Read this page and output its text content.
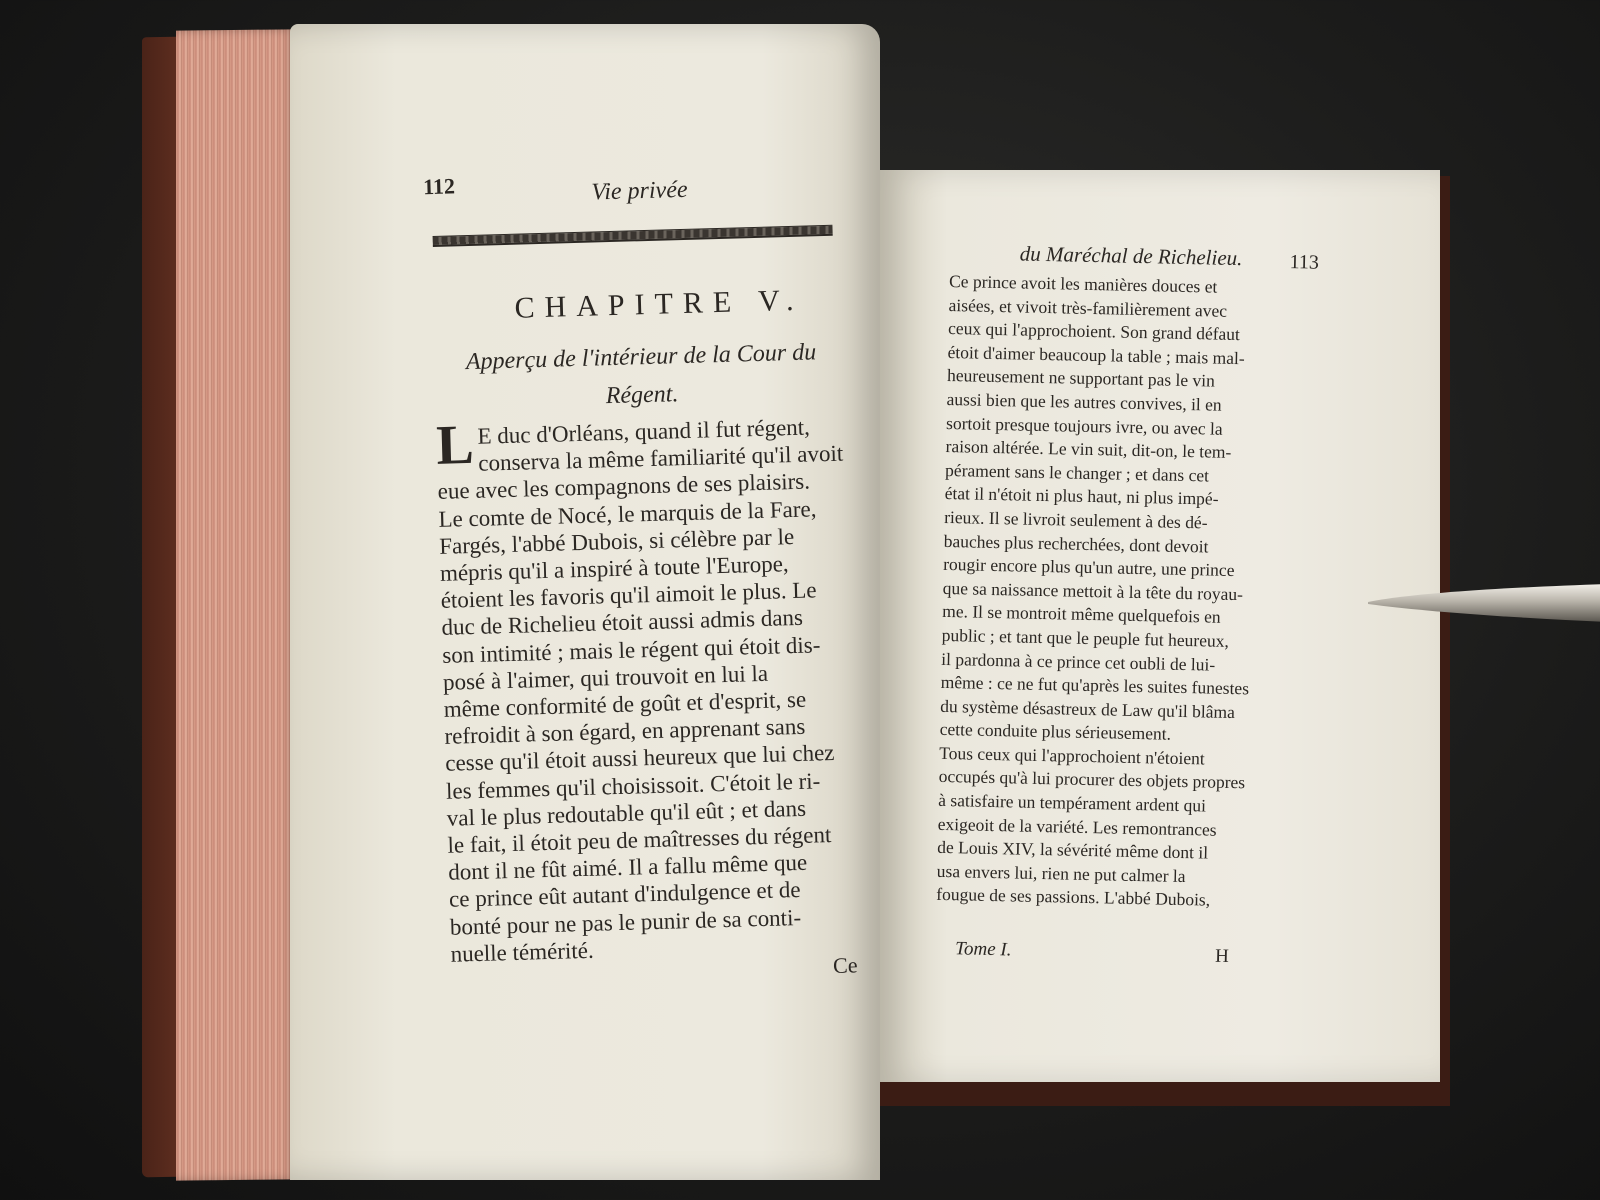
112	Vie privée
CHAPITRE V.
Apperçu de l'intérieur de la Cour du Régent.
L E duc d'Orléans, quand il fut régent,
conserva la même familiarité qu'il avoit
eue avec les compagnons de ses plaisirs.
Le comte de Nocé, le marquis de la Fare,
Fargés, l'abbé Dubois, si célèbre par le
mépris qu'il a inspiré à toute l'Europe,
étoient les favoris qu'il aimoit le plus. Le
duc de Richelieu étoit aussi admis dans
son intimité ; mais le régent qui étoit dis-
posé à l'aimer, qui trouvoit en lui la
même conformité de goût et d'esprit, se
refroidit à son égard, en apprenant sans
cesse qu'il étoit aussi heureux que lui chez
les femmes qu'il choisissoit. C'étoit le ri-
val le plus redoutable qu'il eût ; et dans
le fait, il étoit peu de maîtresses du régent
dont il ne fût aimé. Il a fallu même que
ce prince eût autant d'indulgence et de
bonté pour ne pas le punir de sa conti-
nuelle témérité.	Ce
du Maréchal de Richelieu. 113
Ce prince avoit les manières douces et
aisées, et vivoit très-familièrement avec
ceux qui l'approchoient. Son grand défaut
étoit d'aimer beaucoup la table ; mais mal-
heureusement ne supportant pas le vin
aussi bien que les autres convives, il en
sortoit presque toujours ivre, ou avec la
raison altérée. Le vin suit, dit-on, le tem-
pérament sans le changer ; et dans cet
état il n'étoit ni plus haut, ni plus impé-
rieux. Il se livroit seulement à des dé-
bauches plus recherchées, dont devoit
rougir encore plus qu'un autre, une prince
que sa naissance mettoit à la tête du royau-
me. Il se montroit même quelquefois en
public ; et tant que le peuple fut heureux,
il pardonna à ce prince cet oubli de lui-
même : ce ne fut qu'après les suites funestes
du système désastreux de Law qu'il blâma
cette conduite plus sérieusement.
Tous ceux qui l'approchoient n'étoient
occupés qu'à lui procurer des objets propres
à satisfaire un tempérament ardent qui
exigeoit de la variété. Les remontrances
de Louis XIV, la sévérité même dont il
usa envers lui, rien ne put calmer la
fougue de ses passions. L'abbé Dubois,
Tome I.	H
